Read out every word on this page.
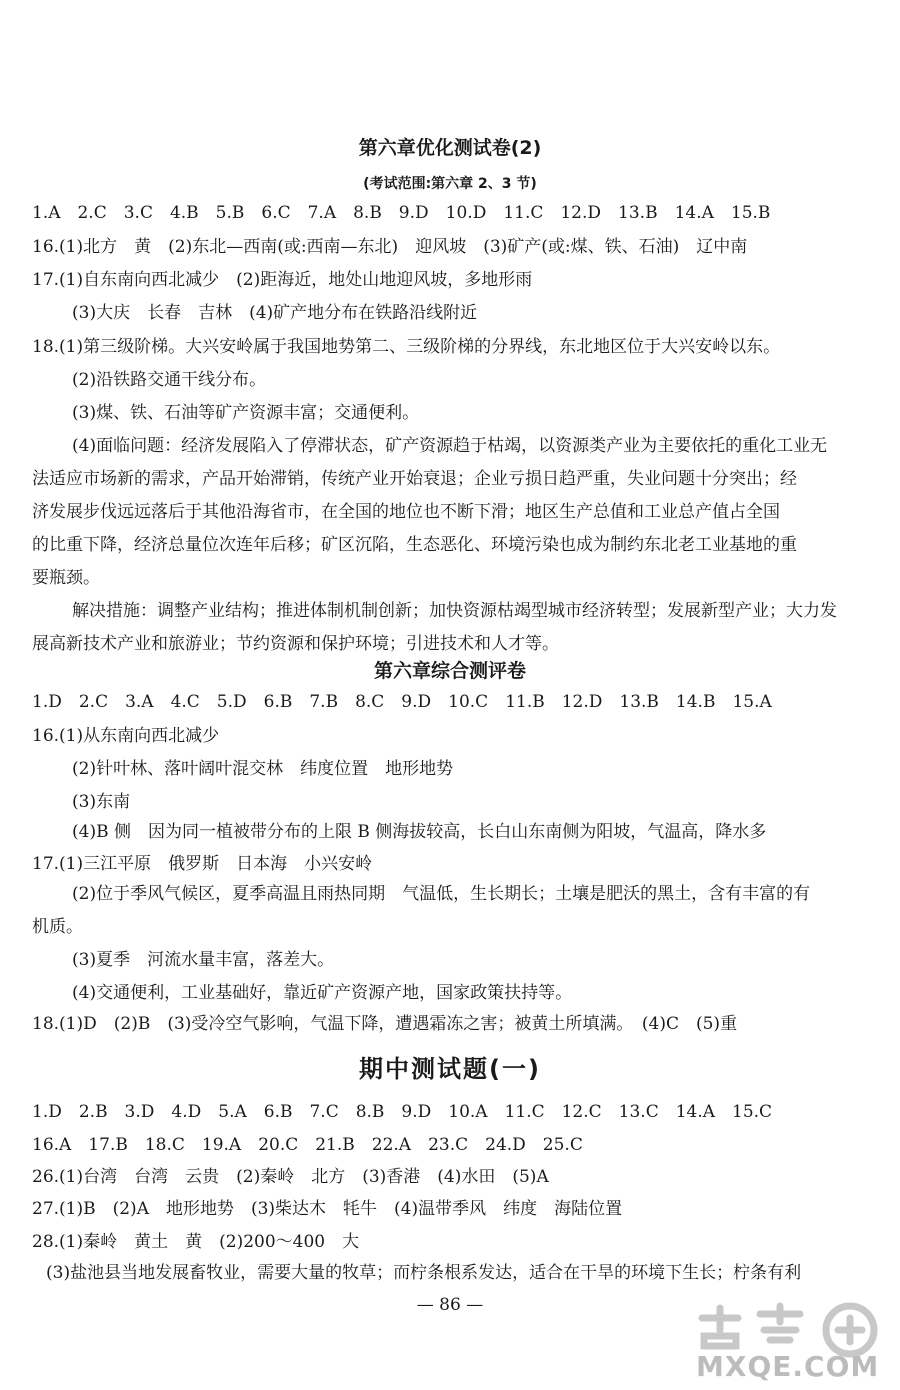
第六章优化测试卷(2)
(考试范围:第六章 2、3 节)
1.A　2.C　3.C　4.B　5.B　6.C　7.A　8.B　9.D　10.D　11.C　12.D　13.B　14.A　15.B
16.(1)北方　黄　(2)东北—西南(或:西南—东北)　迎风坡　(3)矿产(或:煤、铁、石油)　辽中南
17.(1)自东南向西北减少　(2)距海近，地处山地迎风坡，多地形雨
(3)大庆　长春　吉林　(4)矿产地分布在铁路沿线附近
18.(1)第三级阶梯。大兴安岭属于我国地势第二、三级阶梯的分界线，东北地区位于大兴安岭以东。
(2)沿铁路交通干线分布。
(3)煤、铁、石油等矿产资源丰富；交通便利。
(4)面临问题：经济发展陷入了停滞状态，矿产资源趋于枯竭，以资源类产业为主要依托的重化工业无
法适应市场新的需求，产品开始滞销，传统产业开始衰退；企业亏损日趋严重，失业问题十分突出；经
济发展步伐远远落后于其他沿海省市，在全国的地位也不断下滑；地区生产总值和工业总产值占全国
的比重下降，经济总量位次连年后移；矿区沉陷，生态恶化、环境污染也成为制约东北老工业基地的重
要瓶颈。
解决措施：调整产业结构；推进体制机制创新；加快资源枯竭型城市经济转型；发展新型产业；大力发
展高新技术产业和旅游业；节约资源和保护环境；引进技术和人才等。
第六章综合测评卷
1.D　2.C　3.A　4.C　5.D　6.B　7.B　8.C　9.D　10.C　11.B　12.D　13.B　14.B　15.A
16.(1)从东南向西北减少
(2)针叶林、落叶阔叶混交林　纬度位置　地形地势
(3)东南
(4)B 侧　因为同一植被带分布的上限 B 侧海拔较高，长白山东南侧为阳坡，气温高，降水多
17.(1)三江平原　俄罗斯　日本海　小兴安岭
(2)位于季风气候区，夏季高温且雨热同期　气温低，生长期长；土壤是肥沃的黑土，含有丰富的有
机质。
(3)夏季　河流水量丰富，落差大。
(4)交通便利，工业基础好，靠近矿产资源产地，国家政策扶持等。
18.(1)D　(2)B　(3)受冷空气影响，气温下降，遭遇霜冻之害；被黄土所填满。　(4)C　(5)重
期中测试题(一)
1.D　2.B　3.D　4.D　5.A　6.B　7.C　8.B　9.D　10.A　11.C　12.C　13.C　14.A　15.C
16.A　17.B　18.C　19.A　20.C　21.B　22.A　23.C　24.D　25.C
26.(1)台湾　台湾　云贵　(2)秦岭　北方　(3)香港　(4)水田　(5)A
27.(1)B　(2)A　地形地势　(3)柴达木　牦牛　(4)温带季风　纬度　海陆位置
28.(1)秦岭　黄土　黄　(2)200～400　大
(3)盐池县当地发展畜牧业，需要大量的牧草；而柠条根系发达，适合在干旱的环境下生长；柠条有利
— 86 —
MXQE.COM
